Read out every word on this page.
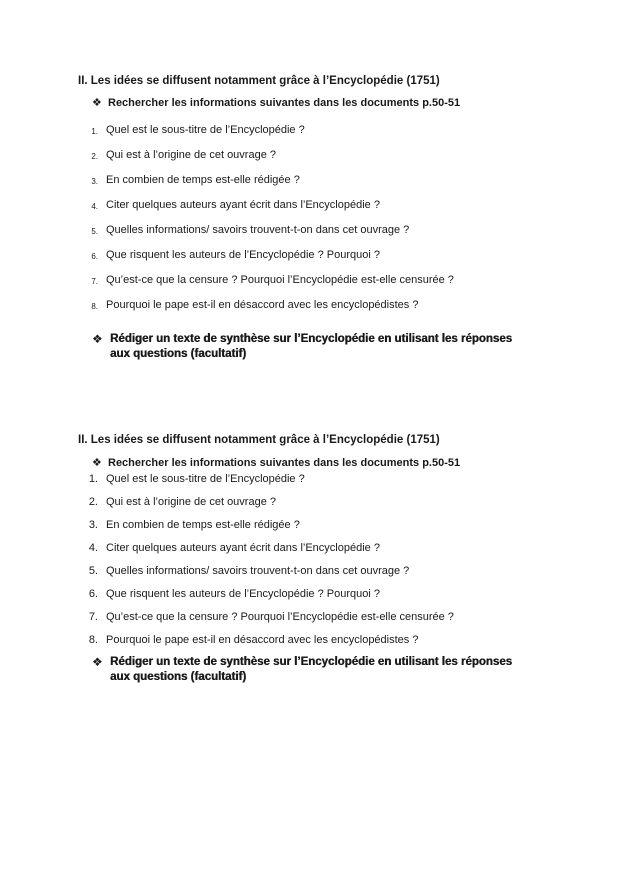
II. Les idées se diffusent notamment grâce à l’Encyclopédie (1751)

❖ Rechercher les informations suivantes dans les documents p.50-51
1. Quel est le sous-titre de l’Encyclopédie ?
2. Qui est à l’origine de cet ouvrage ?
3. En combien de temps est-elle rédigée ?
4. Citer quelques auteurs ayant écrit dans l’Encyclopédie ?
5. Quelles informations/ savoirs trouvent-t-on dans cet ouvrage ?
6. Que risquent les auteurs de l’Encyclopédie ? Pourquoi ?
7. Qu’est-ce que la censure ? Pourquoi l’Encyclopédie est-elle censurée ?
8. Pourquoi le pape est-il en désaccord avec les encyclopédistes ?
❖ Rédiger un texte de synthèse sur l’Encyclopédie en utilisant les réponses aux questions (facultatif)

II. Les idées se diffusent notamment grâce à l’Encyclopédie (1751)

❖ Rechercher les informations suivantes dans les documents p.50-51
1. Quel est le sous-titre de l’Encyclopédie ?
2. Qui est à l’origine de cet ouvrage ?
3. En combien de temps est-elle rédigée ?
4. Citer quelques auteurs ayant écrit dans l’Encyclopédie ?
5. Quelles informations/ savoirs trouvent-t-on dans cet ouvrage ?
6. Que risquent les auteurs de l’Encyclopédie ? Pourquoi ?
7. Qu’est-ce que la censure ? Pourquoi l’Encyclopédie est-elle censurée ?
8. Pourquoi le pape est-il en désaccord avec les encyclopédistes ?
❖ Rédiger un texte de synthèse sur l’Encyclopédie en utilisant les réponses aux questions (facultatif)
